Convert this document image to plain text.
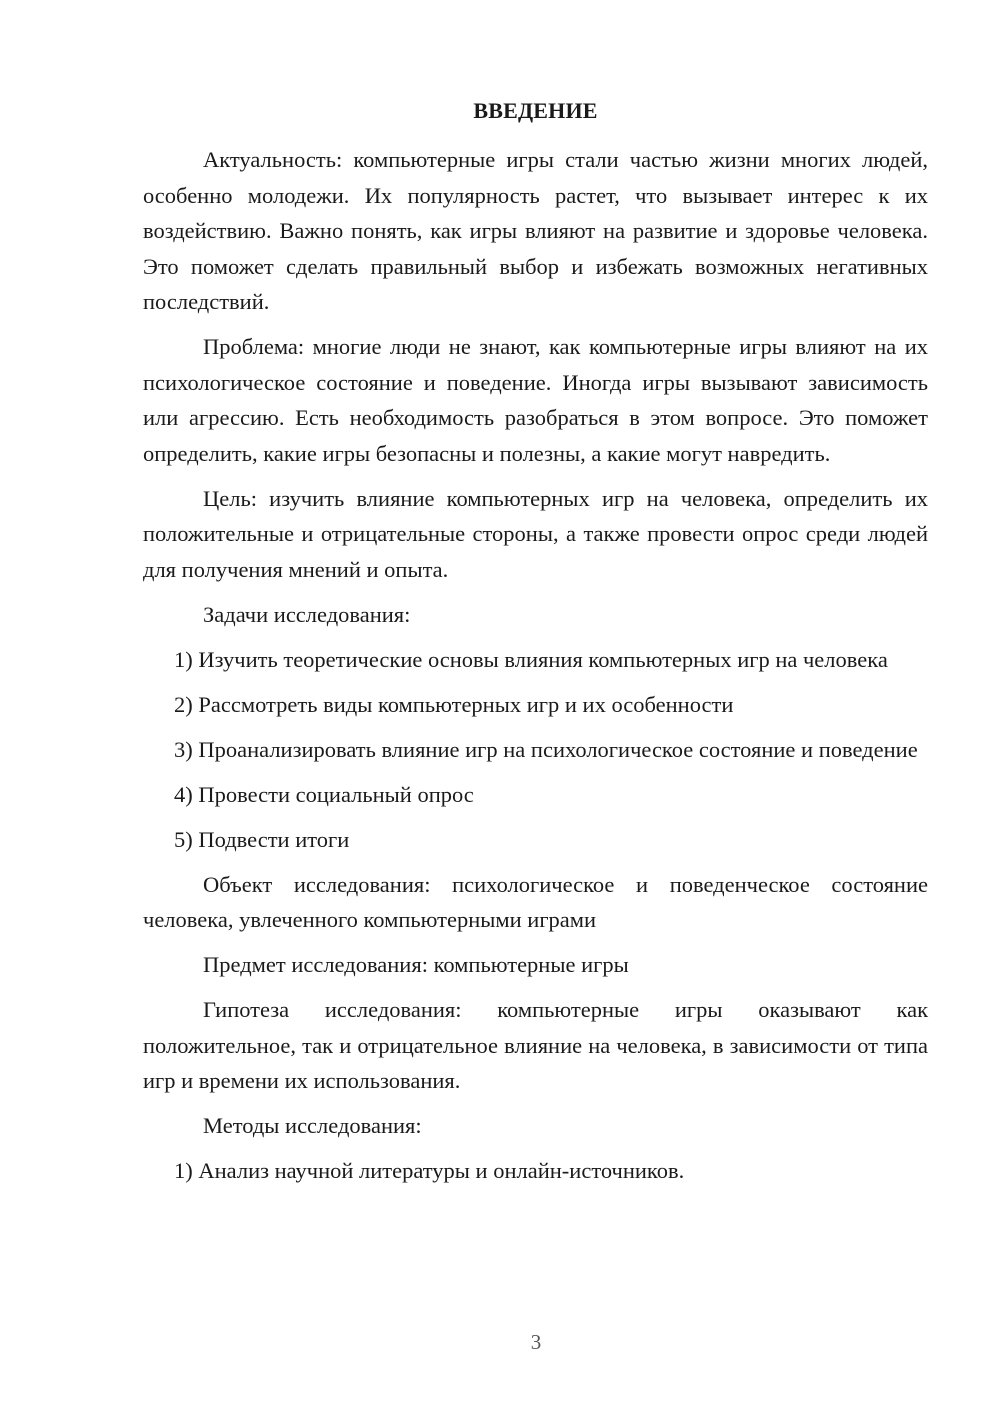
ВВЕДЕНИЕ

Актуальность: компьютерные игры стали частью жизни многих людей, особенно молодежи. Их популярность растет, что вызывает интерес к их воздействию. Важно понять, как игры влияют на развитие и здоровье человека. Это поможет сделать правильный выбор и избежать возможных негативных последствий.

Проблема: многие люди не знают, как компьютерные игры влияют на их психологическое состояние и поведение. Иногда игры вызывают зависимость или агрессию. Есть необходимость разобраться в этом вопросе. Это поможет определить, какие игры безопасны и полезны, а какие могут навредить.

Цель: изучить влияние компьютерных игр на человека, определить их положительные и отрицательные стороны, а также провести опрос среди людей для получения мнений и опыта.

Задачи исследования:

1) Изучить теоретические основы влияния компьютерных игр на человека

2) Рассмотреть виды компьютерных игр и их особенности

3) Проанализировать влияние игр на психологическое состояние и поведение

4) Провести социальный опрос

5) Подвести итоги

Объект исследования: психологическое и поведенческое состояние человека, увлеченного компьютерными играми

Предмет исследования: компьютерные игры

Гипотеза исследования: компьютерные игры оказывают как положительное, так и отрицательное влияние на человека, в зависимости от типа игр и времени их использования.

Методы исследования:

1) Анализ научной литературы и онлайн-источников.

3
